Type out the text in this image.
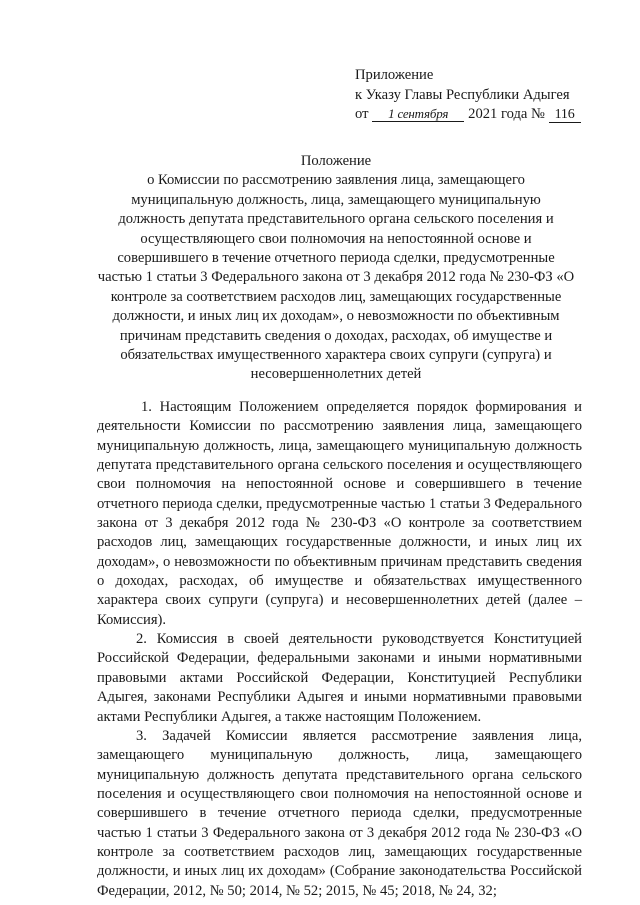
Приложение
к Указу Главы Республики Адыгея
от 1 сентября 2021 года № 116
Положение
о Комиссии по рассмотрению заявления лица, замещающего муниципальную должность, лица, замещающего муниципальную должность депутата представительного органа сельского поселения и осуществляющего свои полномочия на непостоянной основе и совершившего в течение отчетного периода сделки, предусмотренные частью 1 статьи 3 Федерального закона от 3 декабря 2012 года № 230-ФЗ «О контроле за соответствием расходов лиц, замещающих государственные должности, и иных лиц их доходам», о невозможности по объективным причинам представить сведения о доходах, расходах, об имуществе и обязательствах имущественного характера своих супруги (супруга) и несовершеннолетних детей

1. Настоящим Положением определяется порядок формирования и деятельности Комиссии по рассмотрению заявления лица, замещающего муниципальную должность, лица, замещающего муниципальную должность депутата представительного органа сельского поселения и осуществляющего свои полномочия на непостоянной основе и совершившего в течение отчетного периода сделки, предусмотренные частью 1 статьи 3 Федерального закона от 3 декабря 2012 года № 230-ФЗ «О контроле за соответствием расходов лиц, замещающих государственные должности, и иных лиц их доходам», о невозможности по объективным причинам представить сведения о доходах, расходах, об имуществе и обязательствах имущественного характера своих супруги (супруга) и несовершеннолетних детей (далее – Комиссия).

2. Комиссия в своей деятельности руководствуется Конституцией Российской Федерации, федеральными законами и иными нормативными правовыми актами Российской Федерации, Конституцией Республики Адыгея, законами Республики Адыгея и иными нормативными правовыми актами Республики Адыгея, а также настоящим Положением.

3. Задачей Комиссии является рассмотрение заявления лица, замещающего муниципальную должность, лица, замещающего муниципальную должность депутата представительного органа сельского поселения и осуществляющего свои полномочия на непостоянной основе и совершившего в течение отчетного периода сделки, предусмотренные частью 1 статьи 3 Федерального закона от 3 декабря 2012 года № 230-ФЗ «О контроле за соответствием расходов лиц, замещающих государственные должности, и иных лиц их доходам» (Собрание законодательства Российской Федерации, 2012, № 50; 2014, № 52; 2015, № 45; 2018, № 24, 32;
